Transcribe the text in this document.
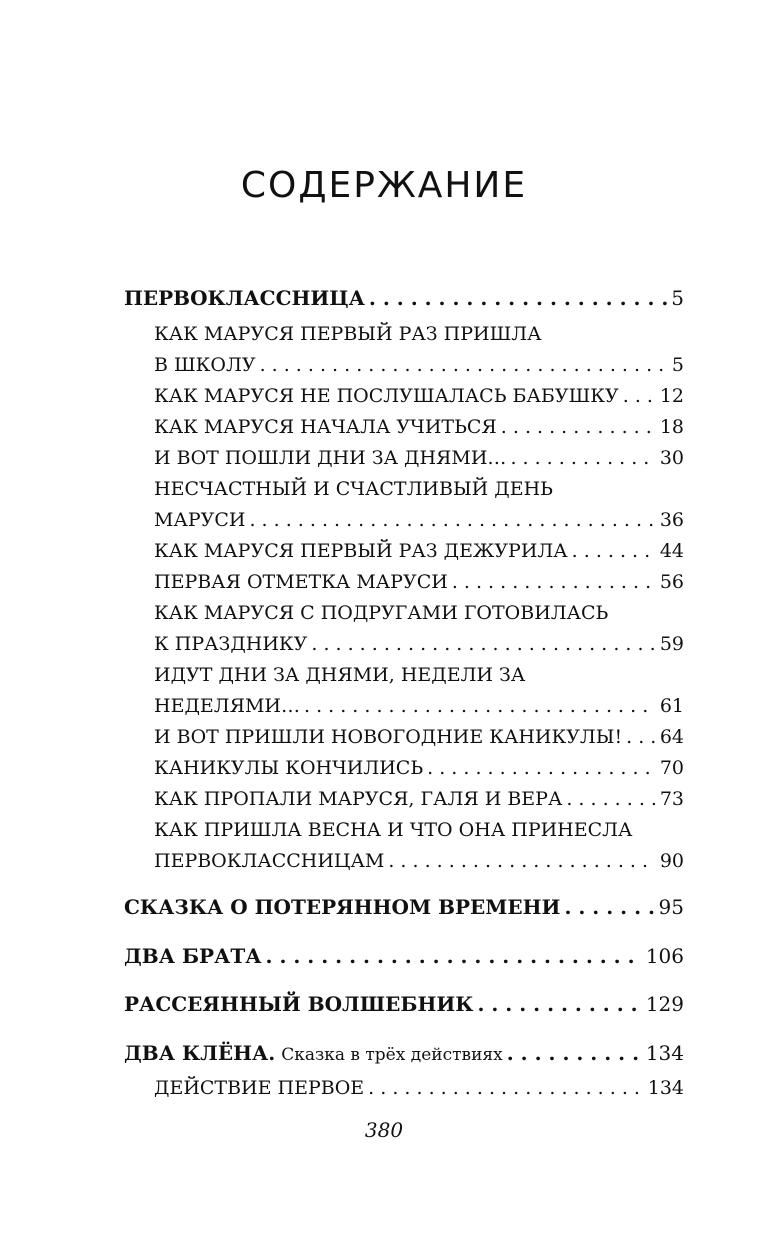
СОДЕРЖАНИЕ
ПЕРВОКЛАССНИЦА . . .	5
КАК МАРУСЯ ПЕРВЫЙ РАЗ ПРИШЛА
В ШКОЛУ . . .	5
КАК МАРУСЯ НЕ ПОСЛУШАЛАСЬ БАБУШКУ . . . 12
КАК МАРУСЯ НАЧАЛА УЧИТЬСЯ . . .	18
И ВОТ ПОШЛИ ДНИ ЗА ДНЯМИ… . . .	30
НЕСЧАСТНЫЙ И СЧАСТЛИВЫЙ ДЕНЬ
МАРУСИ . . .	36
КАК МАРУСЯ ПЕРВЫЙ РАЗ ДЕЖУРИЛА . . .	44
ПЕРВАЯ ОТМЕТКА МАРУСИ . . .	56
КАК МАРУСЯ С ПОДРУГАМИ ГОТОВИЛАСЬ
К ПРАЗДНИКУ . . .	59
ИДУТ ДНИ ЗА ДНЯМИ, НЕДЕЛИ ЗА
НЕДЕЛЯМИ… . . .	61
И ВОТ ПРИШЛИ НОВОГОДНИЕ КАНИКУЛЫ! . . . 64
КАНИКУЛЫ КОНЧИЛИСЬ . . .	70
КАК ПРОПАЛИ МАРУСЯ, ГАЛЯ И ВЕРА . . .	73
КАК ПРИШЛА ВЕСНА И ЧТО ОНА ПРИНЕСЛА
ПЕРВОКЛАССНИЦАМ . . .	90
СКАЗКА О ПОТЕРЯННОМ ВРЕМЕНИ . . .	95
ДВА БРАТА . . .	106
РАССЕЯННЫЙ ВОЛШЕБНИК . . .	129
ДВА КЛЁНА. Сказка в трёх действиях . . .	134
ДЕЙСТВИЕ ПЕРВОЕ . . .	134
380
